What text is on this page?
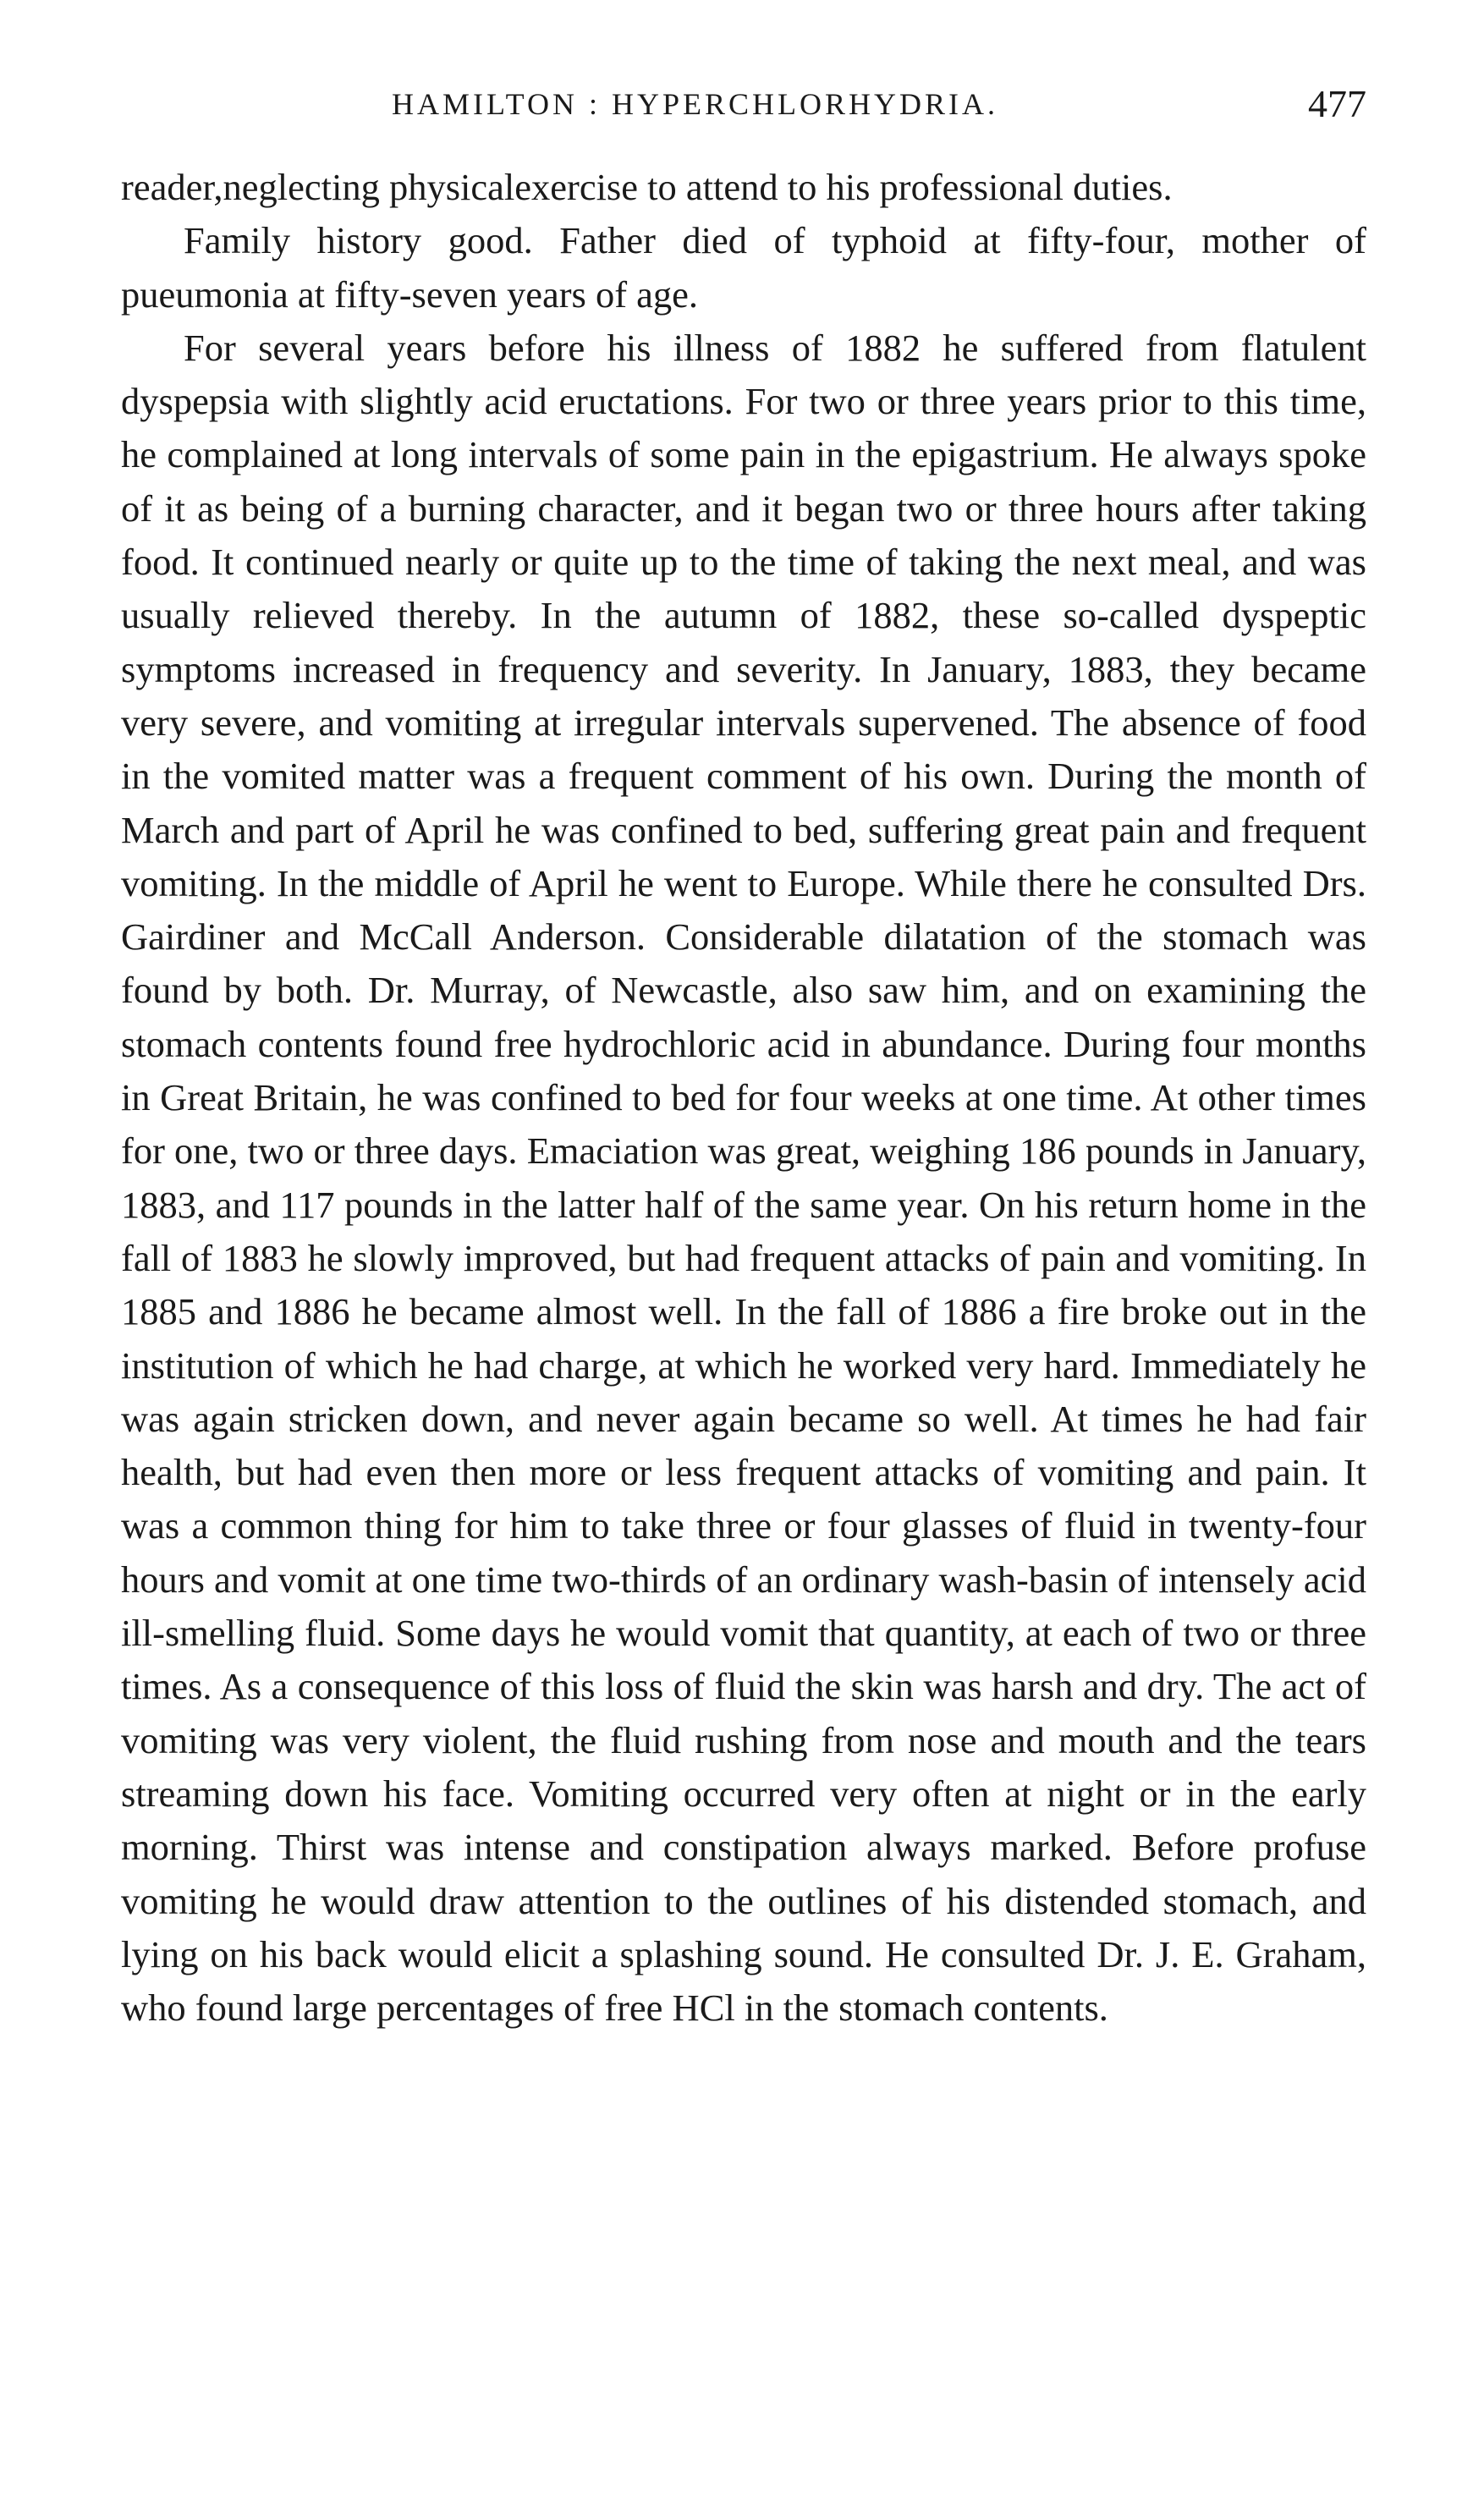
HAMILTON : HYPERCHLORHYDRIA.	477

reader,neglecting physicalexercise to attend to his professional duties.

Family history good. Father died of typhoid at fifty-four, mother of pueumonia at fifty-seven years of age.

For several years before his illness of 1882 he suffered from flatulent dyspepsia with slightly acid eructations. For two or three years prior to this time, he complained at long intervals of some pain in the epigastrium. He always spoke of it as being of a burning character, and it began two or three hours after taking food. It continued nearly or quite up to the time of taking the next meal, and was usually relieved thereby. In the autumn of 1882, these so-called dyspeptic symptoms increased in frequency and severity. In January, 1883, they became very severe, and vomiting at irregular intervals supervened. The absence of food in the vomited matter was a frequent comment of his own. During the month of March and part of April he was confined to bed, suffering great pain and frequent vomiting. In the middle of April he went to Europe. While there he consulted Drs. Gairdiner and McCall Anderson. Considerable dilatation of the stomach was found by both. Dr. Murray, of Newcastle, also saw him, and on examining the stomach contents found free hydrochloric acid in abundance. During four months in Great Britain, he was confined to bed for four weeks at one time. At other times for one, two or three days. Emaciation was great, weighing 186 pounds in January, 1883, and 117 pounds in the latter half of the same year. On his return home in the fall of 1883 he slowly improved, but had frequent attacks of pain and vomiting. In 1885 and 1886 he became almost well. In the fall of 1886 a fire broke out in the institution of which he had charge, at which he worked very hard. Immediately he was again stricken down, and never again became so well. At times he had fair health, but had even then more or less frequent attacks of vomiting and pain. It was a common thing for him to take three or four glasses of fluid in twenty-four hours and vomit at one time two-thirds of an ordinary wash-basin of intensely acid ill-smelling fluid. Some days he would vomit that quantity, at each of two or three times. As a consequence of this loss of fluid the skin was harsh and dry. The act of vomiting was very violent, the fluid rushing from nose and mouth and the tears streaming down his face. Vomiting occurred very often at night or in the early morning. Thirst was intense and constipation always marked. Before profuse vomiting he would draw attention to the outlines of his distended stomach, and lying on his back would elicit a splashing sound. He consulted Dr. J. E. Graham, who found large percentages of free HCl in the stomach contents.
